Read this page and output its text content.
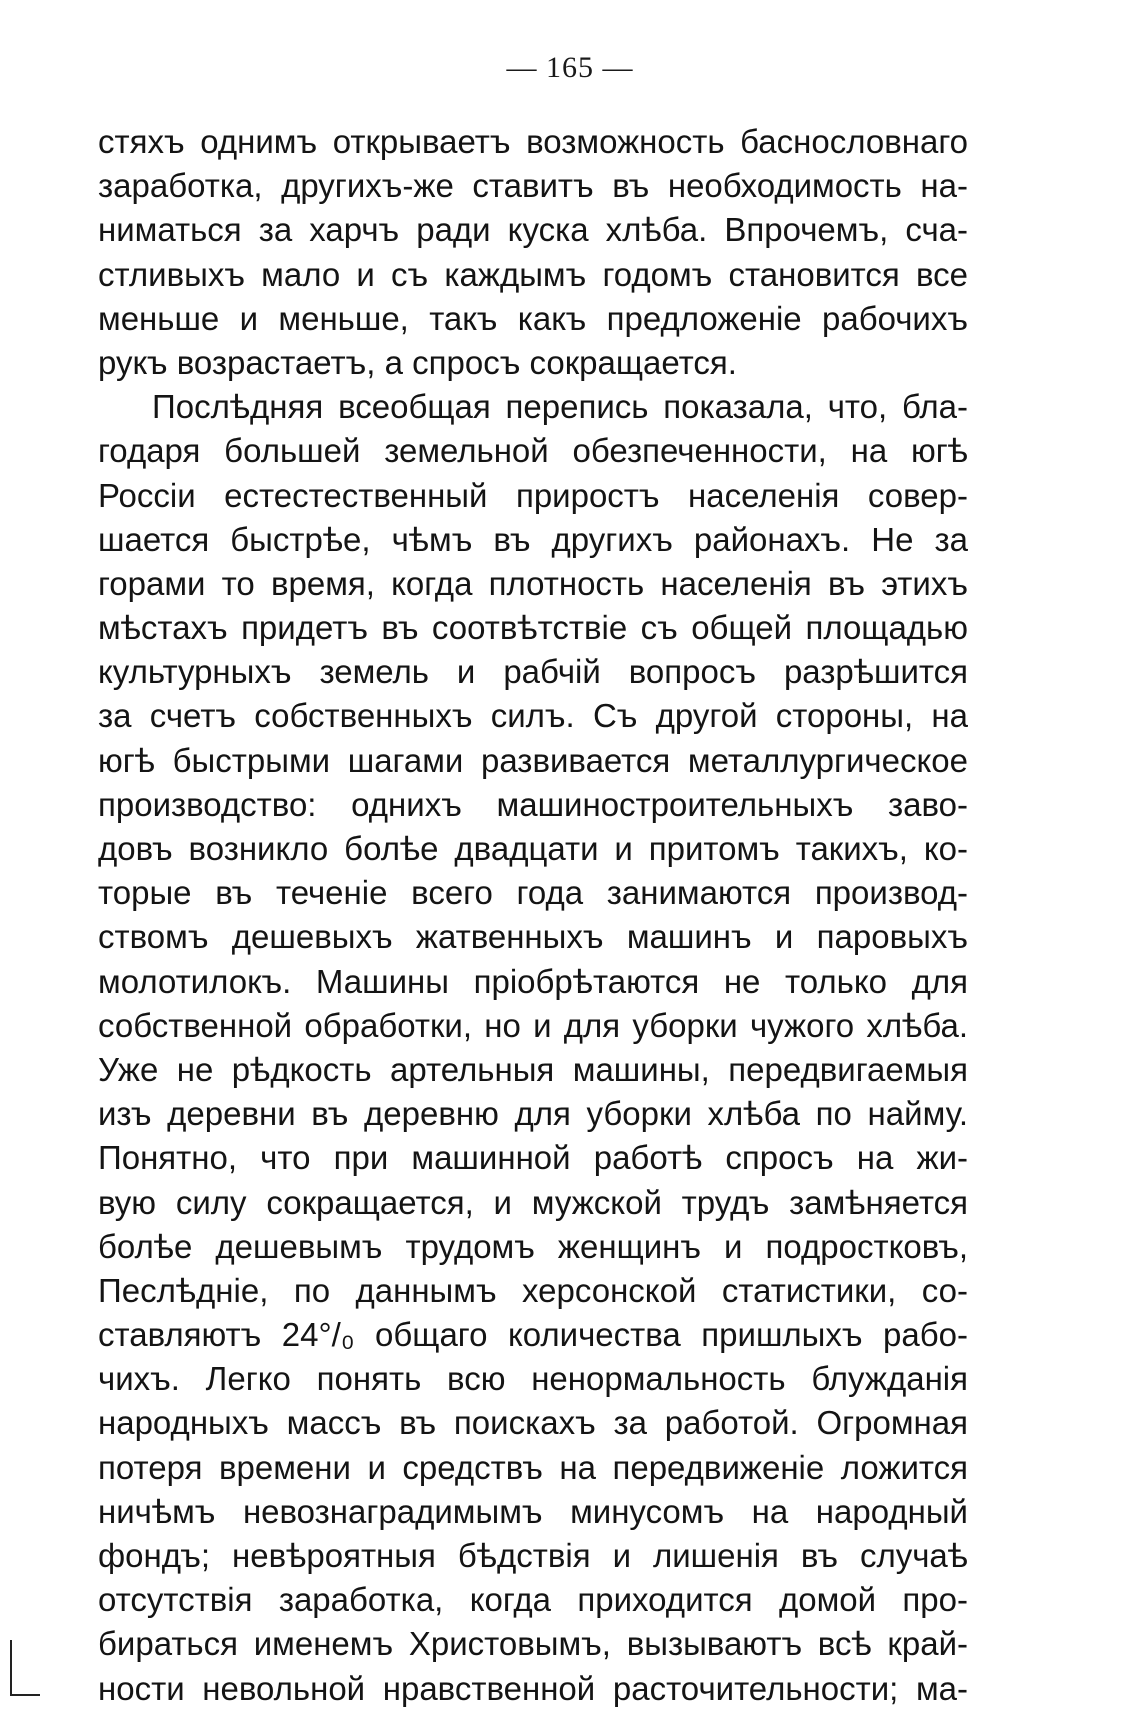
— 165 —
стяхъ однимъ открываетъ возможность баснословнаго
заработка, другихъ-же ставитъ въ необходимость на-
ниматься за харчъ ради куска хлѣба. Впрочемъ, сча-
стливыхъ мало и съ каждымъ годомъ становится все
меньше и меньше, такъ какъ предложеніе рабочихъ
рукъ возрастаетъ, а спросъ сокращается.
Послѣдняя всеобщая перепись показала, что, бла-
годаря большей земельной обезпеченности, на югѣ
Россіи естестественный приростъ населенія совер-
шается быстрѣе, чѣмъ въ другихъ районахъ. Не за
горами то время, когда плотность населенія въ этихъ
мѣстахъ придетъ въ соотвѣтствіе съ общей площадью
культурныхъ земель и рабчій вопросъ разрѣшится
за счетъ собственныхъ силъ. Съ другой стороны, на
югѣ быстрыми шагами развивается металлургическое
производство: однихъ машиностроительныхъ заво-
довъ возникло болѣе двадцати и притомъ такихъ, ко-
торые въ теченіе всего года занимаются производ-
ствомъ дешевыхъ жатвенныхъ машинъ и паровыхъ
молотилокъ. Машины пріобрѣтаются не только для
собственной обработки, но и для уборки чужого хлѣба.
Уже не рѣдкость артельныя машины, передвигаемыя
изъ деревни въ деревню для уборки хлѣба по найму.
Понятно, что при машинной работѣ спросъ на жи-
вую силу сокращается, и мужской трудъ замѣняется
болѣе дешевымъ трудомъ женщинъ и подростковъ,
Песлѣдніе, по даннымъ херсонской статистики, со-
ставляютъ 24°/₀ общаго количества пришлыхъ рабо-
чихъ. Легко понять всю ненормальность блужданія
народныхъ массъ въ поискахъ за работой. Огромная
потеря времени и средствъ на передвиженіе ложится
ничѣмъ невознаградимымъ минусомъ на народный
фондъ; невѣроятныя бѣдствія и лишенія въ случаѣ
отсутствія заработка, когда приходится домой про-
бираться именемъ Христовымъ, вызываютъ всѣ край-
ности невольной нравственной расточительности; ма-
